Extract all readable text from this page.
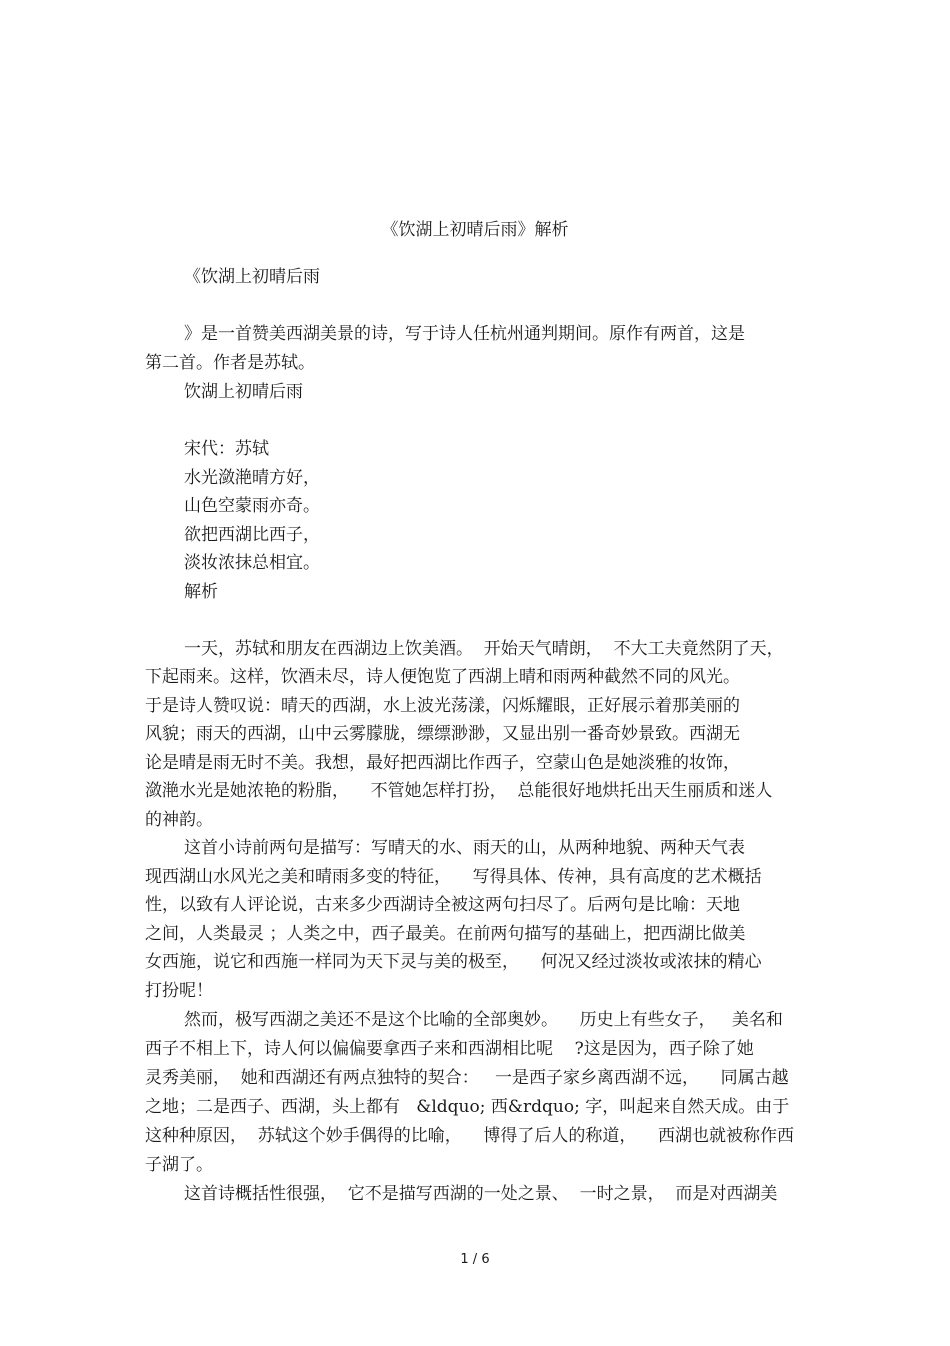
《饮湖上初晴后雨》解析
《饮湖上初晴后雨
》是一首赞美西湖美景的诗，写于诗人任杭州通判期间。原作有两首，这是
第二首。作者是苏轼。
饮湖上初晴后雨
宋代：苏轼
水光潋滟晴方好，
山色空蒙雨亦奇。
欲把西湖比西子，
淡妆浓抹总相宜。
解析
一天，苏轼和朋友在西湖边上饮美酒。  开始天气晴朗，  不大工夫竟然阴了天，
下起雨来。这样，饮酒未尽，诗人便饱览了西湖上晴和雨两种截然不同的风光。
于是诗人赞叹说：晴天的西湖，水上波光荡漾，闪烁耀眼，正好展示着那美丽的
风貌；雨天的西湖，山中云雾朦胧，缥缥渺渺，又显出别一番奇妙景致。西湖无
论是晴是雨无时不美。我想，最好把西湖比作西子，空蒙山色是她淡雅的妆饰，
潋滟水光是她浓艳的粉脂，    不管她怎样打扮，  总能很好地烘托出天生丽质和迷人
的神韵。
这首小诗前两句是描写：写晴天的水、雨天的山，从两种地貌、两种天气表
现西湖山水风光之美和晴雨多变的特征，    写得具体、传神，具有高度的艺术概括
性，以致有人评论说，古来多少西湖诗全被这两句扫尽了。后两句是比喻：天地
之间，人类最灵 ；人类之中，西子最美。在前两句描写的基础上，把西湖比做美
女西施，说它和西施一样同为天下灵与美的极至，    何况又经过淡妆或浓抹的精心
打扮呢！
然而，极写西湖之美还不是这个比喻的全部奥妙。    历史上有些女子，   美名和
西子不相上下，诗人何以偏偏要拿西子来和西湖相比呢    ?这是因为，西子除了她
灵秀美丽，  她和西湖还有两点独特的契合：   一是西子家乡离西湖不远，    同属古越
之地；二是西子、西湖，头上都有   &ldquo; 西&rdquo; 字，叫起来自然天成。由于
这种种原因，  苏轼这个妙手偶得的比喻，    博得了后人的称道，    西湖也就被称作西
子湖了。
这首诗概括性很强，  它不是描写西湖的一处之景、  一时之景，  而是对西湖美
1 / 6
